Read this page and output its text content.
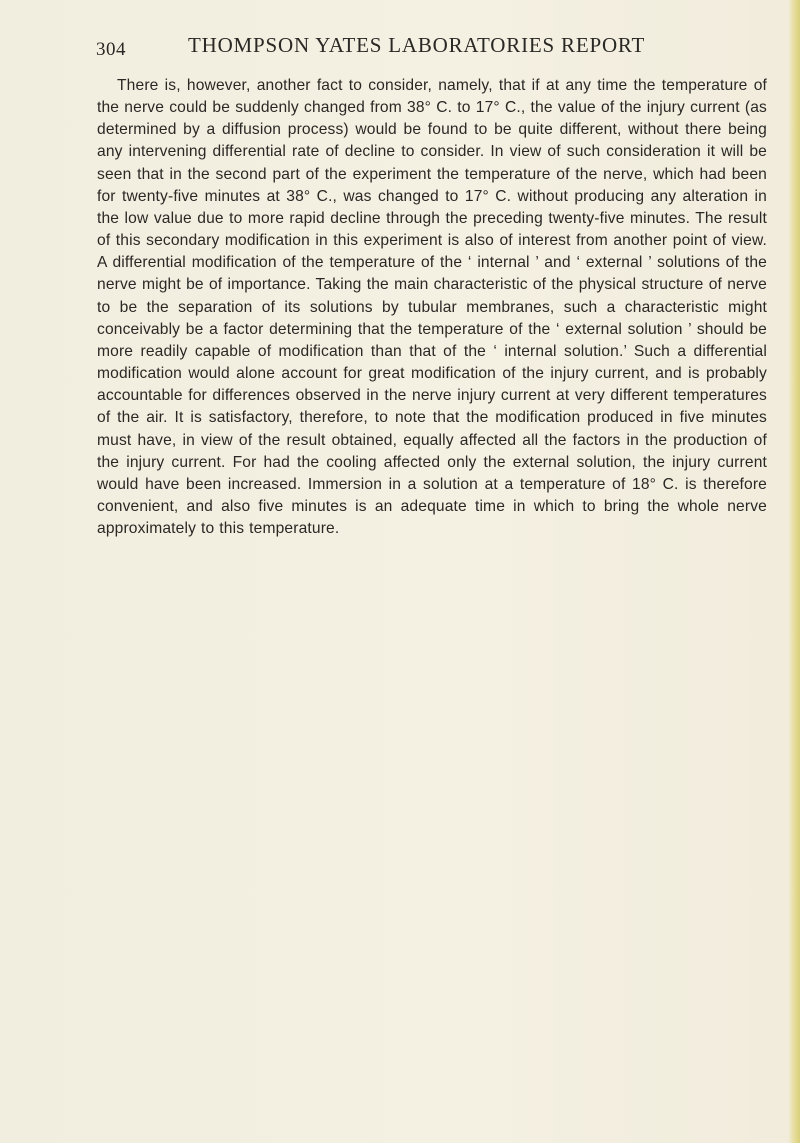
304	THOMPSON YATES LABORATORIES REPORT

There is, however, another fact to consider, namely, that if at any time the temperature of the nerve could be suddenly changed from 38° C. to 17° C., the value of the injury current (as determined by a diffusion process) would be found to be quite different, without there being any intervening differential rate of decline to consider. In view of such consideration it will be seen that in the second part of the experiment the temperature of the nerve, which had been for twenty-five minutes at 38° C., was changed to 17° C. without producing any alteration in the low value due to more rapid decline through the preceding twenty-five minutes. The result of this secondary modification in this experiment is also of interest from another point of view. A differential modification of the temperature of the ‘ internal ’ and ‘ external ’ solutions of the nerve might be of importance. Taking the main characteristic of the physical structure of nerve to be the separation of its solutions by tubular membranes, such a characteristic might conceivably be a factor determining that the temperature of the ‘ external solution ’ should be more readily capable of modification than that of the ‘ internal solution.’ Such a differential modification would alone account for great modification of the injury current, and is probably accountable for differences observed in the nerve injury current at very different temperatures of the air. It is satisfactory, therefore, to note that the modification produced in five minutes must have, in view of the result obtained, equally affected all the factors in the production of the injury current. For had the cooling affected only the external solution, the injury current would have been increased. Immersion in a solution at a temperature of 18° C. is therefore convenient, and also five minutes is an adequate time in which to bring the whole nerve approximately to this temperature.
